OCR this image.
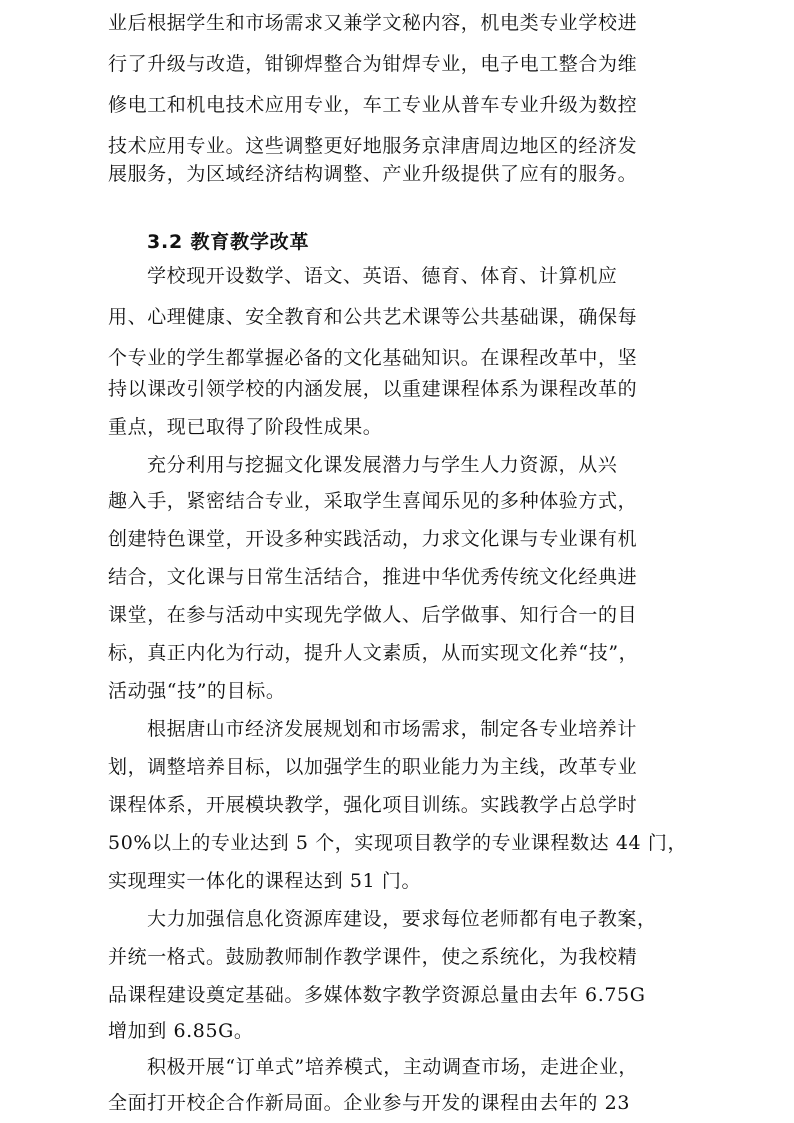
业后根据学生和市场需求又兼学文秘内容，机电类专业学校进
行了升级与改造，钳铆焊整合为钳焊专业，电子电工整合为维
修电工和机电技术应用专业，车工专业从普车专业升级为数控
技术应用专业。这些调整更好地服务京津唐周边地区的经济发
展服务，为区域经济结构调整、产业升级提供了应有的服务。
3.2 教育教学改革
学校现开设数学、语文、英语、德育、体育、计算机应
用、心理健康、安全教育和公共艺术课等公共基础课，确保每
个专业的学生都掌握必备的文化基础知识。在课程改革中，坚
持以课改引领学校的内涵发展，以重建课程体系为课程改革的
重点，现已取得了阶段性成果。
充分利用与挖掘文化课发展潜力与学生人力资源，从兴
趣入手，紧密结合专业，采取学生喜闻乐见的多种体验方式，
创建特色课堂，开设多种实践活动，力求文化课与专业课有机
结合，文化课与日常生活结合，推进中华优秀传统文化经典进
课堂，在参与活动中实现先学做人、后学做事、知行合一的目
标，真正内化为行动，提升人文素质，从而实现文化养“技”，
活动强“技”的目标。
根据唐山市经济发展规划和市场需求，制定各专业培养计
划，调整培养目标，以加强学生的职业能力为主线，改革专业
课程体系，开展模块教学，强化项目训练。实践教学占总学时
50%以上的专业达到 5 个，实现项目教学的专业课程数达 44 门，
实现理实一体化的课程达到 51 门。
大力加强信息化资源库建设，要求每位老师都有电子教案，
并统一格式。鼓励教师制作教学课件，使之系统化，为我校精
品课程建设奠定基础。多媒体数字教学资源总量由去年 6.75G
增加到 6.85G。
积极开展“订单式”培养模式，主动调查市场，走进企业，
全面打开校企合作新局面。企业参与开发的课程由去年的 23
